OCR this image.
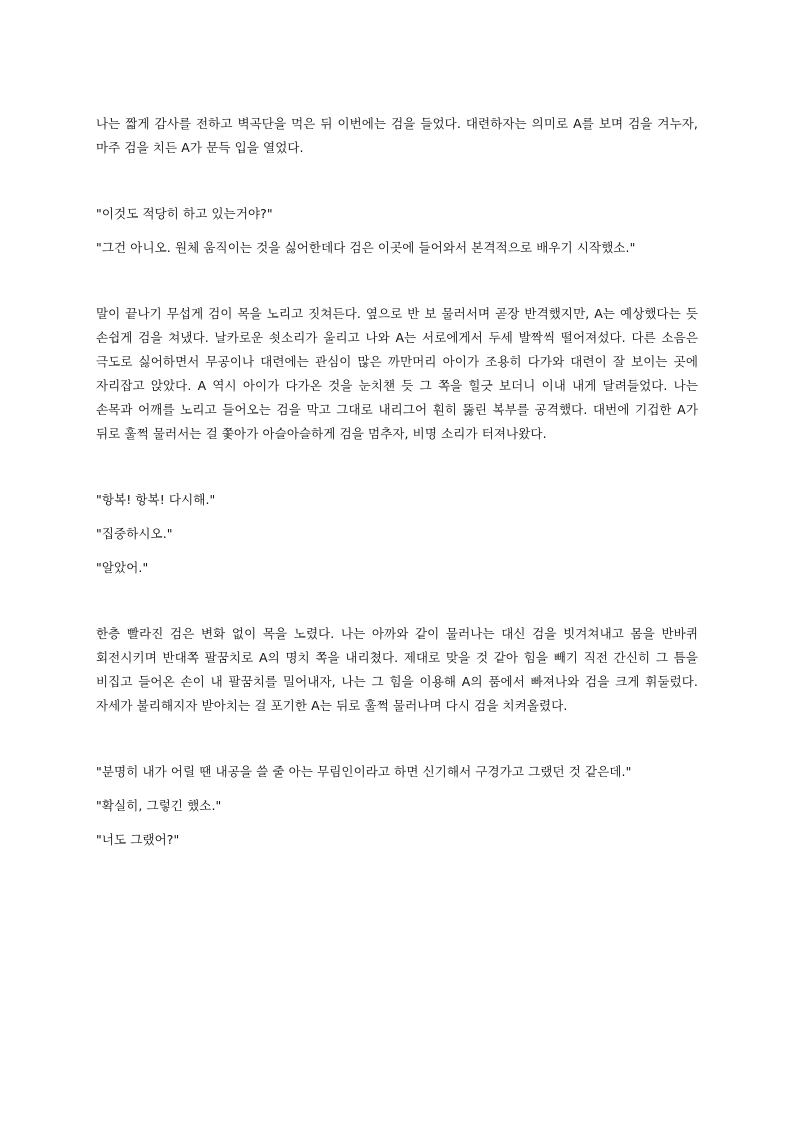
나는 짧게 감사를 전하고 벽곡단을 먹은 뒤 이번에는 검을 들었다. 대련하자는 의미로 A를 보며 검을 겨누자, 마주 검을 치든 A가 문득 입을 열었다.

"이것도 적당히 하고 있는거야?"

"그건 아니오. 원체 움직이는 것을 싫어한데다 검은 이곳에 들어와서 본격적으로 배우기 시작했소."

말이 끝나기 무섭게 검이 목을 노리고 짓쳐든다. 옆으로 반 보 물러서며 곧장 반격했지만, A는 예상했다는 듯 손쉽게 검을 쳐냈다. 날카로운 쇳소리가 울리고 나와 A는 서로에게서 두세 발짝씩 떨어져섰다. 다른 소음은 극도로 싫어하면서 무공이나 대련에는 관심이 많은 까만머리 아이가 조용히 다가와 대련이 잘 보이는 곳에 자리잡고 앉았다. A 역시 아이가 다가온 것을 눈치챈 듯 그 쪽을 힐긋 보더니 이내 내게 달려들었다. 나는 손목과 어깨를 노리고 들어오는 검을 막고 그대로 내리그어 훤히 뚫린 복부를 공격했다. 대번에 기겁한 A가 뒤로 훌쩍 물러서는 걸 쫓아가 아슬아슬하게 검을 멈추자, 비명 소리가 터져나왔다.

"항복! 항복! 다시해."

"집중하시오."

"알았어."

한층 빨라진 검은 변화 없이 목을 노렸다. 나는 아까와 같이 물러나는 대신 검을 빗겨쳐내고 몸을 반바퀴 회전시키며 반대쪽 팔꿈치로 A의 명치 쪽을 내리쳤다. 제대로 맞을 것 같아 힘을 빼기 직전 간신히 그 틈을 비집고 들어온 손이 내 팔꿈치를 밀어내자, 나는 그 힘을 이용해 A의 품에서 빠져나와 검을 크게 휘둘렀다. 자세가 불리해지자 받아치는 걸 포기한 A는 뒤로 훌쩍 물러나며 다시 검을 치켜올렸다.

"분명히 내가 어릴 땐 내공을 쓸 줄 아는 무림인이라고 하면 신기해서 구경가고 그랬던 것 같은데."

"확실히, 그렇긴 했소."

"너도 그랬어?"
